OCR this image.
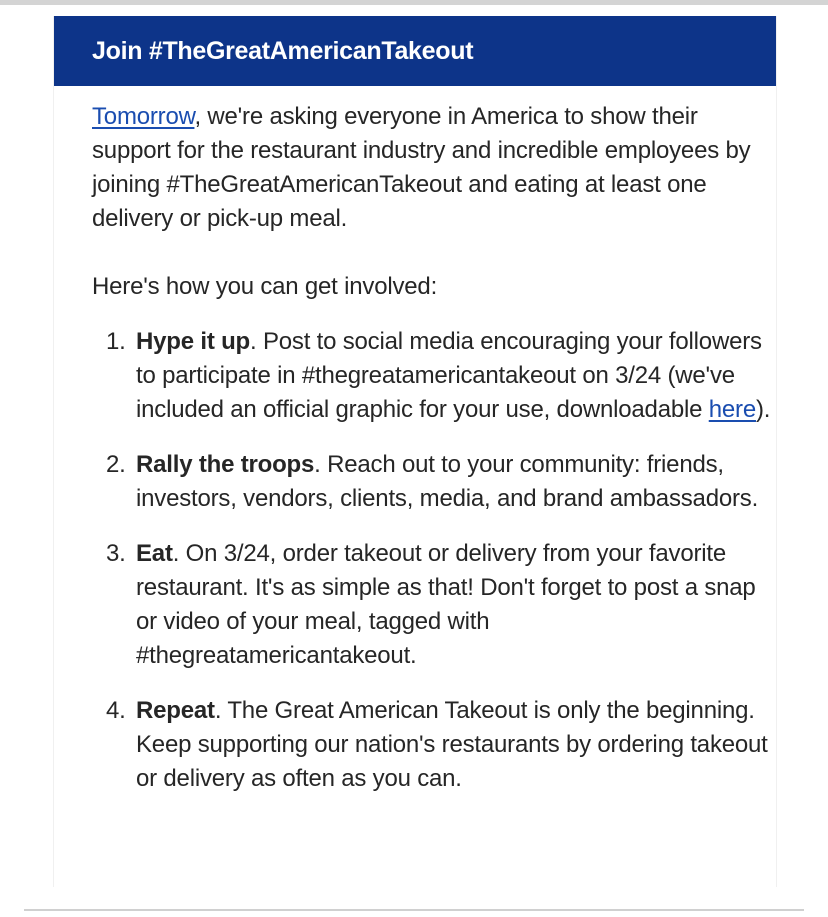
Join #TheGreatAmericanTakeout

Tomorrow, we're asking everyone in America to show their support for the restaurant industry and incredible employees by joining #TheGreatAmericanTakeout and eating at least one delivery or pick-up meal.

Here's how you can get involved:

1. Hype it up. Post to social media encouraging your followers to participate in #thegreatamericantakeout on 3/24 (we've included an official graphic for your use, downloadable here).
2. Rally the troops. Reach out to your community: friends, investors, vendors, clients, media, and brand ambassadors.
3. Eat. On 3/24, order takeout or delivery from your favorite restaurant. It's as simple as that! Don't forget to post a snap or video of your meal, tagged with #thegreatamericantakeout.
4. Repeat. The Great American Takeout is only the beginning. Keep supporting our nation's restaurants by ordering takeout or delivery as often as you can.
